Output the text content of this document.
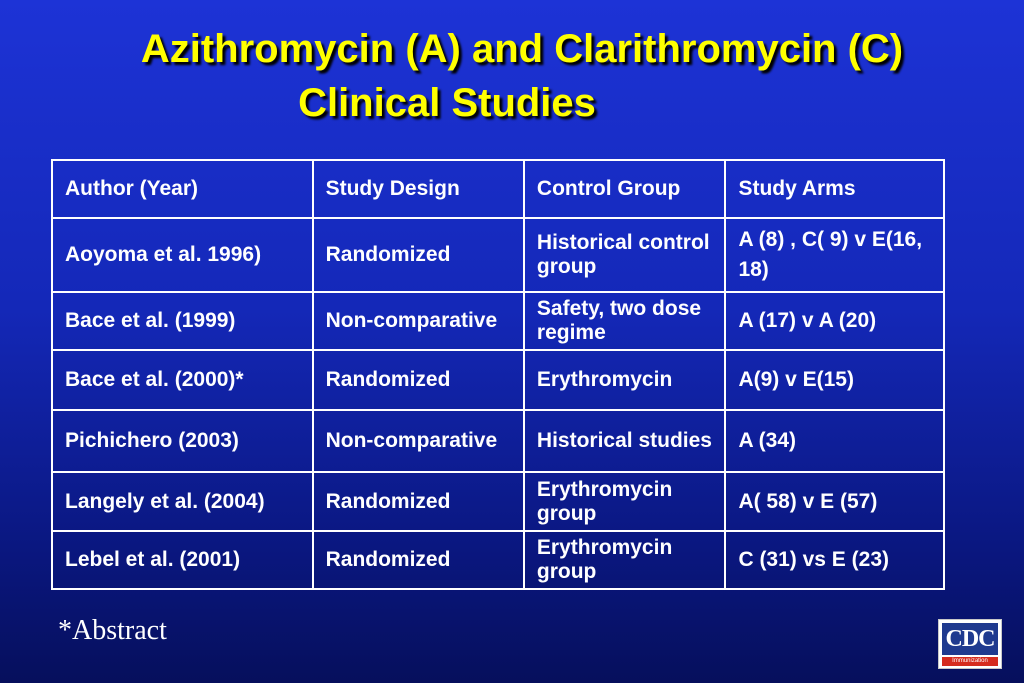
Azithromycin (A) and Clarithromycin (C)
Clinical Studies
Author (Year)	Study Design	Control Group	Study Arms
Aoyoma et al. 1996)	Randomized	Historical control group	A (8) , C( 9) v E(16, 18)
Bace et al. (1999)	Non-comparative	Safety, two dose regime	A (17) v A (20)
Bace et al. (2000)*	Randomized	Erythromycin	A(9) v E(15)
Pichichero (2003)	Non-comparative	Historical studies	A (34)
Langely et al. (2004)	Randomized	Erythromycin group	A( 58) v E (57)
Lebel et al. (2001)	Randomized	Erythromycin group	C (31) vs E (23)
*Abstract	CDC
Immunization
